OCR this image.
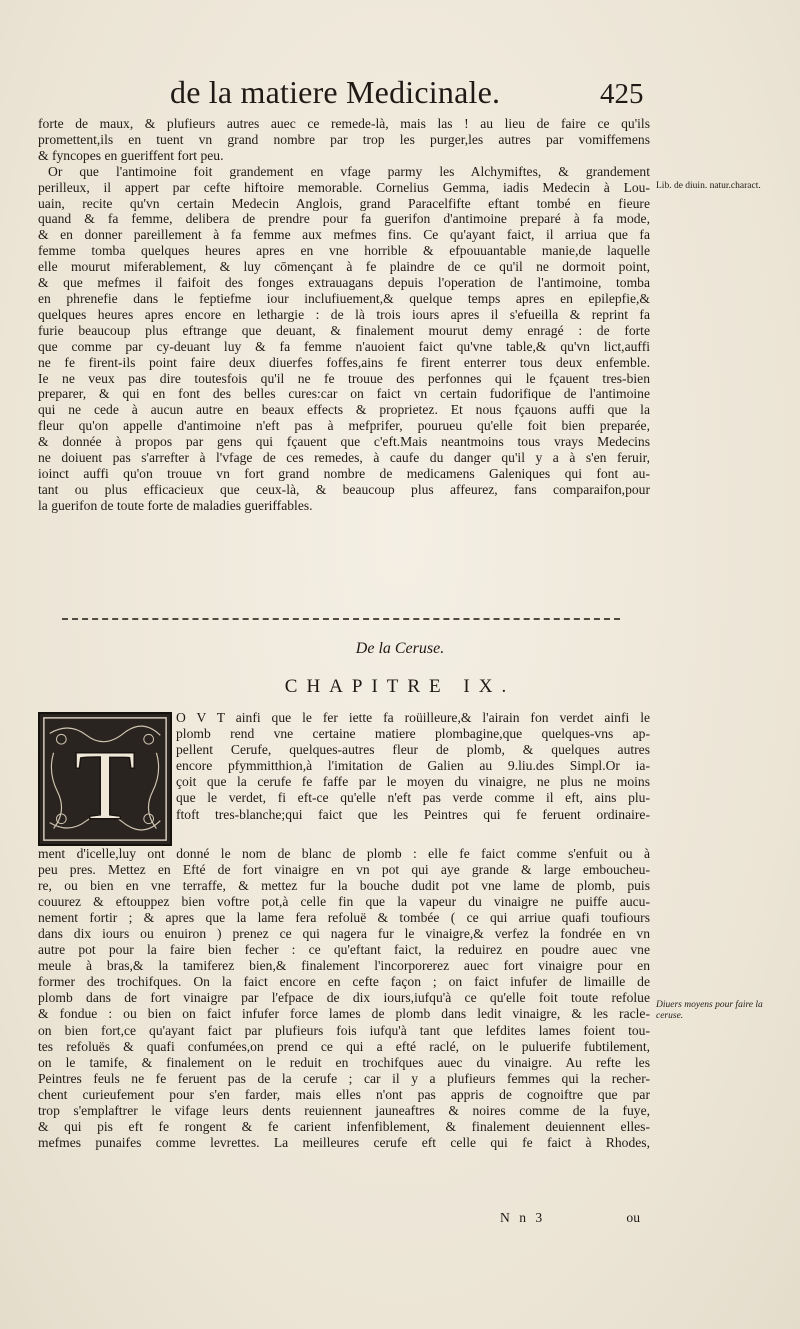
de la matiere Medicinale.	425

forte de maux, & plufieurs autres auec ce remede-là, mais las ! au lieu de faire ce qu'ils

promettent,ils en tuent vn grand nombre par trop les purger,les autres par vomiffemens

& fyncopes en gueriffent fort peu.

Or que l'antimoine foit grandement en vfage parmy les Alchymiftes, & grandement

perilleux, il appert par cefte hiftoire memorable. Cornelius Gemma, iadis Medecin à Lou-

uain, recite qu'vn certain Medecin Anglois, grand Paracelfifte eftant tombé en fieure

quand & fa femme, delibera de prendre pour fa guerifon d'antimoine preparé à fa mode,

& en donner pareillement à fa femme aux mefmes fins. Ce qu'ayant faict, il arriua que fa

femme tomba quelques heures apres en vne horrible & efpouuantable manie,de laquelle

elle mourut miferablement, & luy cōmençant à fe plaindre de ce qu'il ne dormoit point,

& que mefmes il faifoit des fonges extrauagans depuis l'operation de l'antimoine, tomba

en phrenefie dans le feptiefme iour inclufiuement,& quelque temps apres en epilepfie,&

quelques heures apres encore en lethargie : de là trois iours apres il s'efueilla & reprint fa

furie beaucoup plus eftrange que deuant, & finalement mourut demy enragé : de forte

que comme par cy-deuant luy & fa femme n'auoient faict qu'vne table,& qu'vn lict,auffi

ne fe firent-ils point faire deux diuerfes foffes,ains fe firent enterrer tous deux enfemble.

Ie ne veux pas dire toutesfois qu'il ne fe trouue des perfonnes qui le fçauent tres-bien

preparer, & qui en font des belles cures:car on faict vn certain fudorifique de l'antimoine

qui ne cede à aucun autre en beaux effects & proprietez. Et nous fçauons auffi que la

fleur qu'on appelle d'antimoine n'eft pas à mefprifer, pourueu qu'elle foit bien preparée,

& donnée à propos par gens qui fçauent que c'eft.Mais neantmoins tous vrays Medecins

ne doiuent pas s'arrefter à l'vfage de ces remedes, à caufe du danger qu'il y a à s'en feruir,

ioinct auffi qu'on trouue vn fort grand nombre de medicamens Galeniques qui font au-

tant ou plus efficacieux que ceux-là, & beaucoup plus affeurez, fans comparaifon,pour

la guerifon de toute forte de maladies gueriffables.

Lib. de diuin. natur.charact.
De la Ceruse.
CHAPITRE IX.
T

O V T ainfi que le fer iette fa roüilleure,& l'airain fon verdet ainfi le

plomb rend vne certaine matiere plombagine,que quelques-vns ap-

pellent Cerufe, quelques-autres fleur de plomb, & quelques autres

encore pfymmitthion,à l'imitation de Galien au 9.liu.des Simpl.Or ia-

çoit que la cerufe fe faffe par le moyen du vinaigre, ne plus ne moins

que le verdet, fi eft-ce qu'elle n'eft pas verde comme il eft, ains plu-

ftoft tres-blanche;qui faict que les Peintres qui fe feruent ordinaire-

ment d'icelle,luy ont donné le nom de blanc de plomb : elle fe faict comme s'enfuit ou à

peu pres. Mettez en Efté de fort vinaigre en vn pot qui aye grande & large embouchеu-

re, ou bien en vne terraffe, & mettez fur la bouche dudit pot vne lame de plomb, puis

couurez & eftouppez bien voftre pot,à celle fin que la vapeur du vinaigre ne puiffe aucu-

nement fortir ; & apres que la lame fera refoluë & tombée ( ce qui arriue quafi toufiours

dans dix iours ou enuiron ) prenez ce qui nagera fur le vinaigre,& verfez la fondrée en vn

autre pot pour la faire bien fecher : ce qu'eftant faict, la reduirez en poudre auec vne

meule à bras,& la tamiferez bien,& finalement l'incorporerez auec fort vinaigre pour en

former des trochifques. On la faict encore en cefte façon ; on faict infufer de limaille de

plomb dans de fort vinaigre par l'efpace de dix iours,iufqu'à ce qu'elle foit toute refolue

& fondue : ou bien on faict infufer force lames de plomb dans ledit vinaigre, & les racle-

on bien fort,ce qu'ayant faict par plufieurs fois iufqu'à tant que lefdites lames foient tou-

tes refoluës & quafi confumées,on prend ce qui a efté raclé, on le puluerife fubtilement,

on le tamife, & finalement on le reduit en trochifques auec du vinaigre. Au refte les

Peintres feuls ne fe feruent pas de la cerufe ; car il y a plufieurs femmes qui la recher-

chent curieufement pour s'en farder, mais elles n'ont pas appris de cognoiftre que par

trop s'emplaftrer le vifage leurs dents reuiennent jauneaftres & noires comme de la fuye,

& qui pis eft fe rongent & fe carient infenfiblement, & finalement deuiennent elles-

mefmes punaifes comme levrettes. La meilleures cerufe eft celle qui fe faict à Rhodes,

Diuers moyens pour faire la ceruse.
N n 3	ou
